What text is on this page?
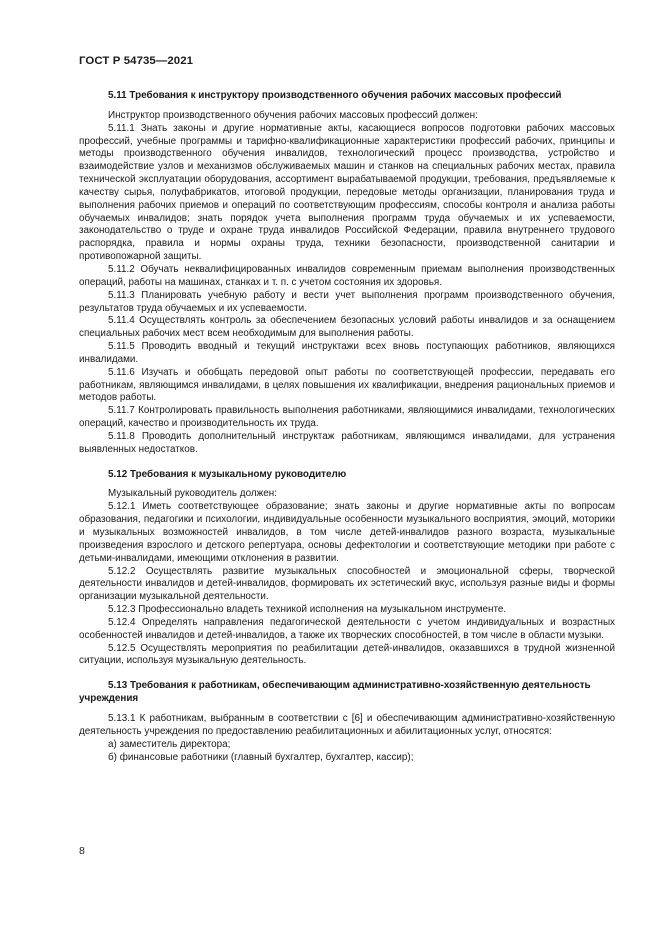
ГОСТ Р 54735—2021

5.11 Требования к инструктору производственного обучения рабочих массовых профессий

Инструктор производственного обучения рабочих массовых профессий должен:

5.11.1 Знать законы и другие нормативные акты, касающиеся вопросов подготовки рабочих массовых профессий, учебные программы и тарифно-квалификационные характеристики профессий рабочих, принципы и методы производственного обучения инвалидов, технологический процесс производства, устройство и взаимодействие узлов и механизмов обслуживаемых машин и станков на специальных рабочих местах, правила технической эксплуатации оборудования, ассортимент вырабатываемой продукции, требования, предъявляемые к качеству сырья, полуфабрикатов, итоговой продукции, передовые методы организации, планирования труда и выполнения рабочих приемов и операций по соответствующим профессиям, способы контроля и анализа работы обучаемых инвалидов; знать порядок учета выполнения программ труда обучаемых и их успеваемости, законодательство о труде и охране труда инвалидов Российской Федерации, правила внутреннего трудового распорядка, правила и нормы охраны труда, техники безопасности, производственной санитарии и противопожарной защиты.

5.11.2 Обучать неквалифицированных инвалидов современным приемам выполнения производственных операций, работы на машинах, станках и т. п. с учетом состояния их здоровья.

5.11.3 Планировать учебную работу и вести учет выполнения программ производственного обучения, результатов труда обучаемых и их успеваемости.

5.11.4 Осуществлять контроль за обеспечением безопасных условий работы инвалидов и за оснащением специальных рабочих мест всем необходимым для выполнения работы.

5.11.5 Проводить вводный и текущий инструктажи всех вновь поступающих работников, являющихся инвалидами.

5.11.6 Изучать и обобщать передовой опыт работы по соответствующей профессии, передавать его работникам, являющимся инвалидами, в целях повышения их квалификации, внедрения рациональных приемов и методов работы.

5.11.7 Контролировать правильность выполнения работниками, являющимися инвалидами, технологических операций, качество и производительность их труда.

5.11.8 Проводить дополнительный инструктаж работникам, являющимся инвалидами, для устранения выявленных недостатков.

5.12 Требования к музыкальному руководителю

Музыкальный руководитель должен:

5.12.1 Иметь соответствующее образование; знать законы и другие нормативные акты по вопросам образования, педагогики и психологии, индивидуальные особенности музыкального восприятия, эмоций, моторики и музыкальных возможностей инвалидов, в том числе детей-инвалидов разного возраста, музыкальные произведения взрослого и детского репертуара, основы дефектологии и соответствующие методики при работе с детьми-инвалидами, имеющими отклонения в развитии.

5.12.2 Осуществлять развитие музыкальных способностей и эмоциональной сферы, творческой деятельности инвалидов и детей-инвалидов, формировать их эстетический вкус, используя разные виды и формы организации музыкальной деятельности.

5.12.3 Профессионально владеть техникой исполнения на музыкальном инструменте.

5.12.4 Определять направления педагогической деятельности с учетом индивидуальных и возрастных особенностей инвалидов и детей-инвалидов, а также их творческих способностей, в том числе в области музыки.

5.12.5 Осуществлять мероприятия по реабилитации детей-инвалидов, оказавшихся в трудной жизненной ситуации, используя музыкальную деятельность.

5.13 Требования к работникам, обеспечивающим административно-хозяйственную деятельность учреждения

5.13.1 К работникам, выбранным в соответствии с [6] и обеспечивающим административно-хозяйственную деятельность учреждения по предоставлению реабилитационных и абилитационных услуг, относятся:

а) заместитель директора;

б) финансовые работники (главный бухгалтер, бухгалтер, кассир);

8
